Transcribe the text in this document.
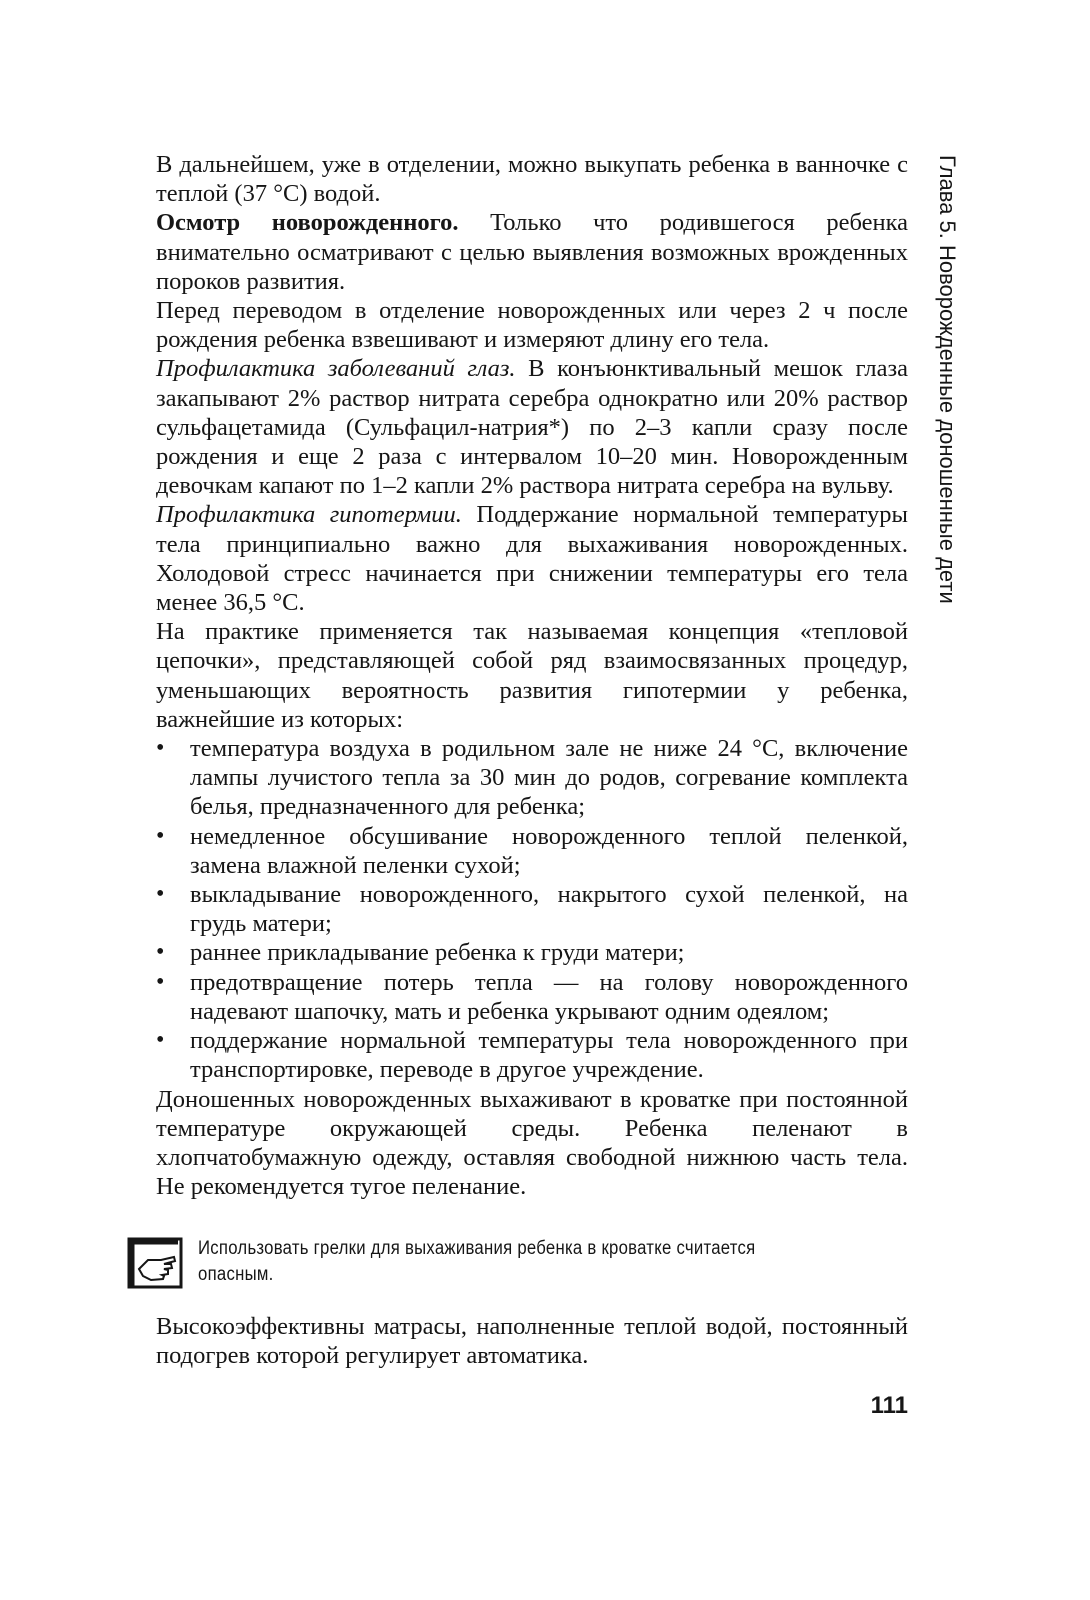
Глава 5. Новорожденные доношенные дети

В дальнейшем, уже в отделении, можно выкупать ребенка в ванночке с теплой (37 °С) водой.

Осмотр новорожденного. Только что родившегося ребенка внимательно осматривают с целью выявления возможных врожденных пороков развития.

Перед переводом в отделение новорожденных или через 2 ч после рождения ребенка взвешивают и измеряют длину его тела.

Профилактика заболеваний глаз. В конъюнктивальный мешок глаза закапывают 2% раствор нитрата серебра однократно или 20% раствор сульфацетамида (Сульфацил-натрия*) по 2–3 капли сразу после рождения и еще 2 раза с интервалом 10–20 мин. Новорожденным девочкам капают по 1–2 капли 2% раствора нитрата серебра на вульву.

Профилактика гипотермии. Поддержание нормальной температуры тела принципиально важно для выхаживания новорожденных. Холодовой стресс начинается при снижении температуры его тела менее 36,5 °С.

На практике применяется так называемая концепция «тепловой цепочки», представляющей собой ряд взаимосвязанных процедур, уменьшающих вероятность развития гипотермии у ребенка, важнейшие из которых:

• температура воздуха в родильном зале не ниже 24 °С, включение лампы лучистого тепла за 30 мин до родов, согревание комплекта белья, предназначенного для ребенка;
• немедленное обсушивание новорожденного теплой пеленкой, замена влажной пеленки сухой;
• выкладывание новорожденного, накрытого сухой пеленкой, на грудь матери;
• раннее прикладывание ребенка к груди матери;
• предотвращение потерь тепла — на голову новорожденного надевают шапочку, мать и ребенка укрывают одним одеялом;
• поддержание нормальной температуры тела новорожденного при транспортировке, переводе в другое учреждение.

Доношенных новорожденных выхаживают в кроватке при постоянной температуре окружающей среды. Ребенка пеленают в хлопчатобумажную одежду, оставляя свободной нижнюю часть тела. Не рекомендуется тугое пеленание.

Использовать грелки для выхаживания ребенка в кроватке считается опасным.
Высокоэффективны матрасы, наполненные теплой водой, постоянный подогрев которой регулирует автоматика.
111
